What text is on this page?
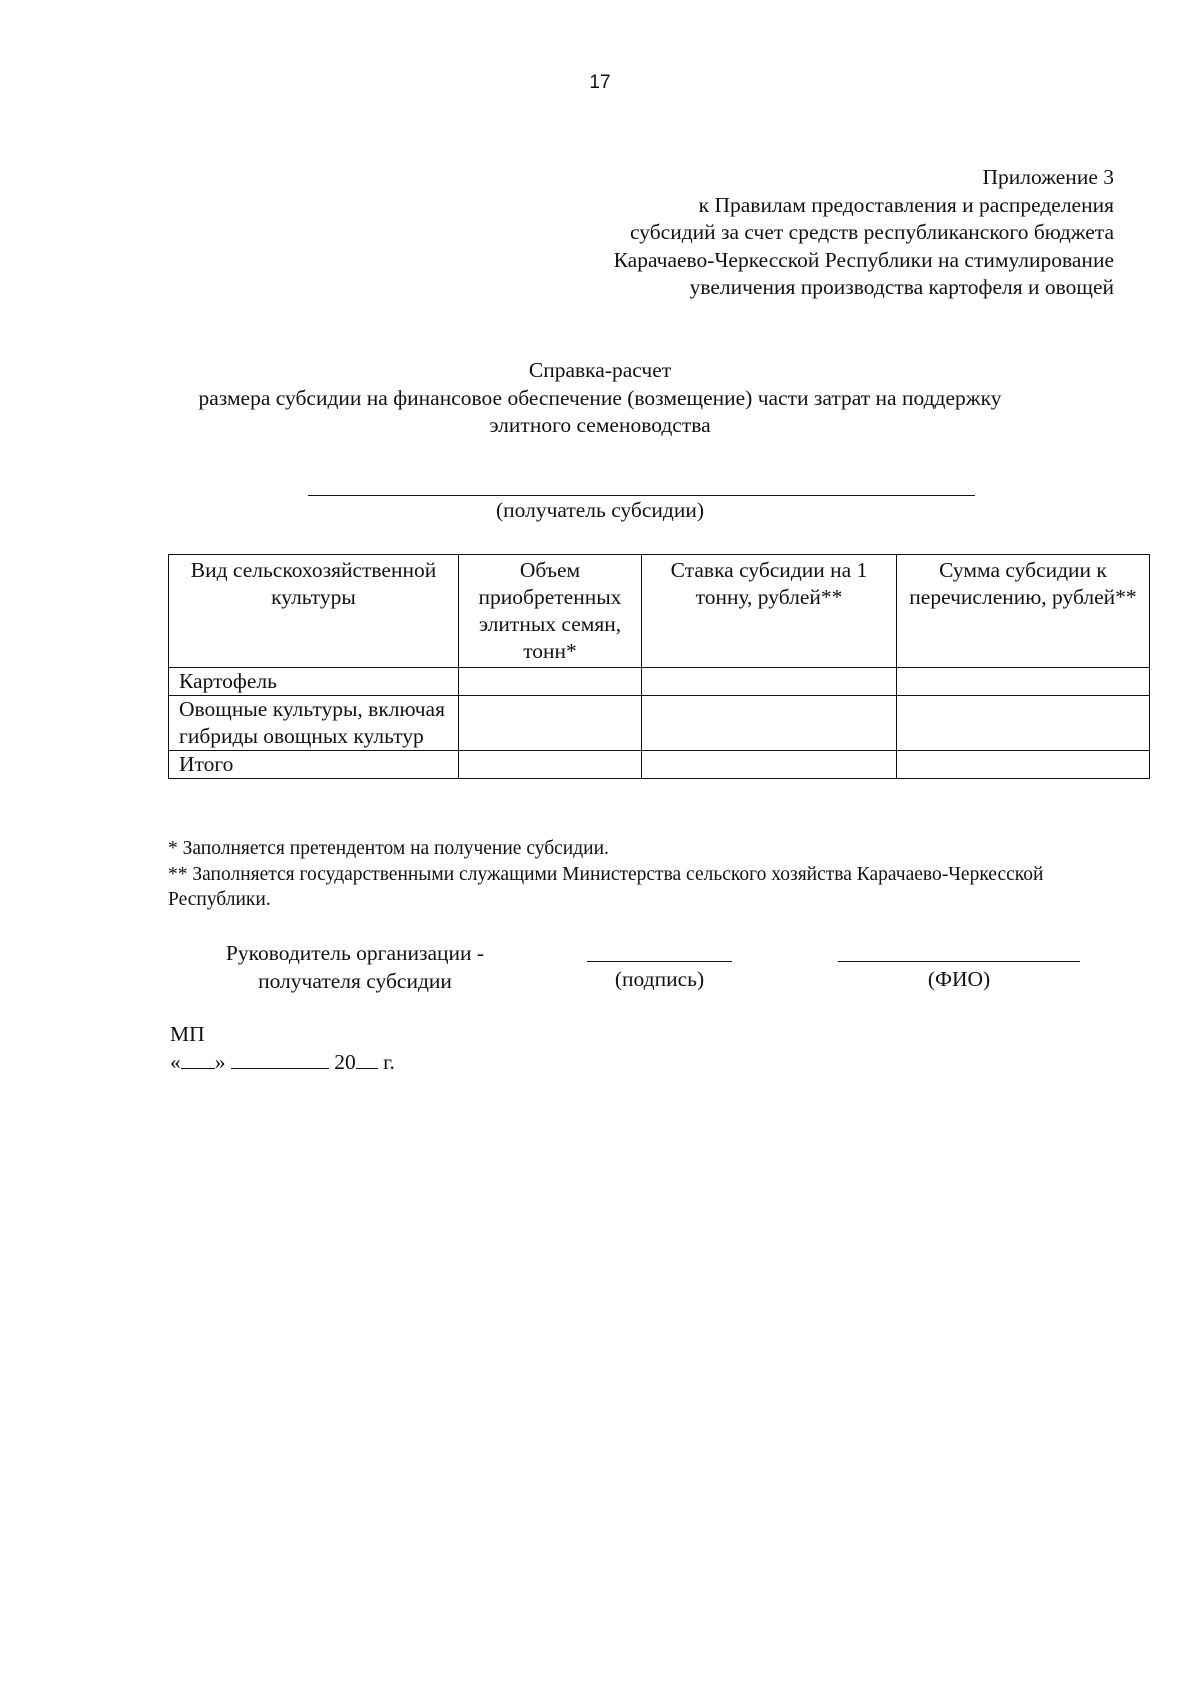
17
Приложение 3
к Правилам предоставления и распределения
субсидий за счет средств республиканского бюджета
Карачаево-Черкесской Республики на стимулирование
увеличения производства картофеля и овощей
Справка-расчет
размера субсидии на финансовое обеспечение (возмещение) части затрат на поддержку
элитного семеноводства
(получатель субсидии)
Вид сельскохозяйственной культуры	Объем приобретенных элитных семян, тонн*	Ставка субсидии на 1 тонну, рублей**	Сумма субсидии к перечислению, рублей**
Картофель			
Овощные культуры, включая гибриды овощных культур			
Итого			
* Заполняется претендентом на получение субсидии.
** Заполняется государственными служащими Министерства сельского хозяйства Карачаево-Черкесской Республики.
Руководитель организации - получателя субсидии	(подпись)	(ФИО)
МП
« »	20 г.
